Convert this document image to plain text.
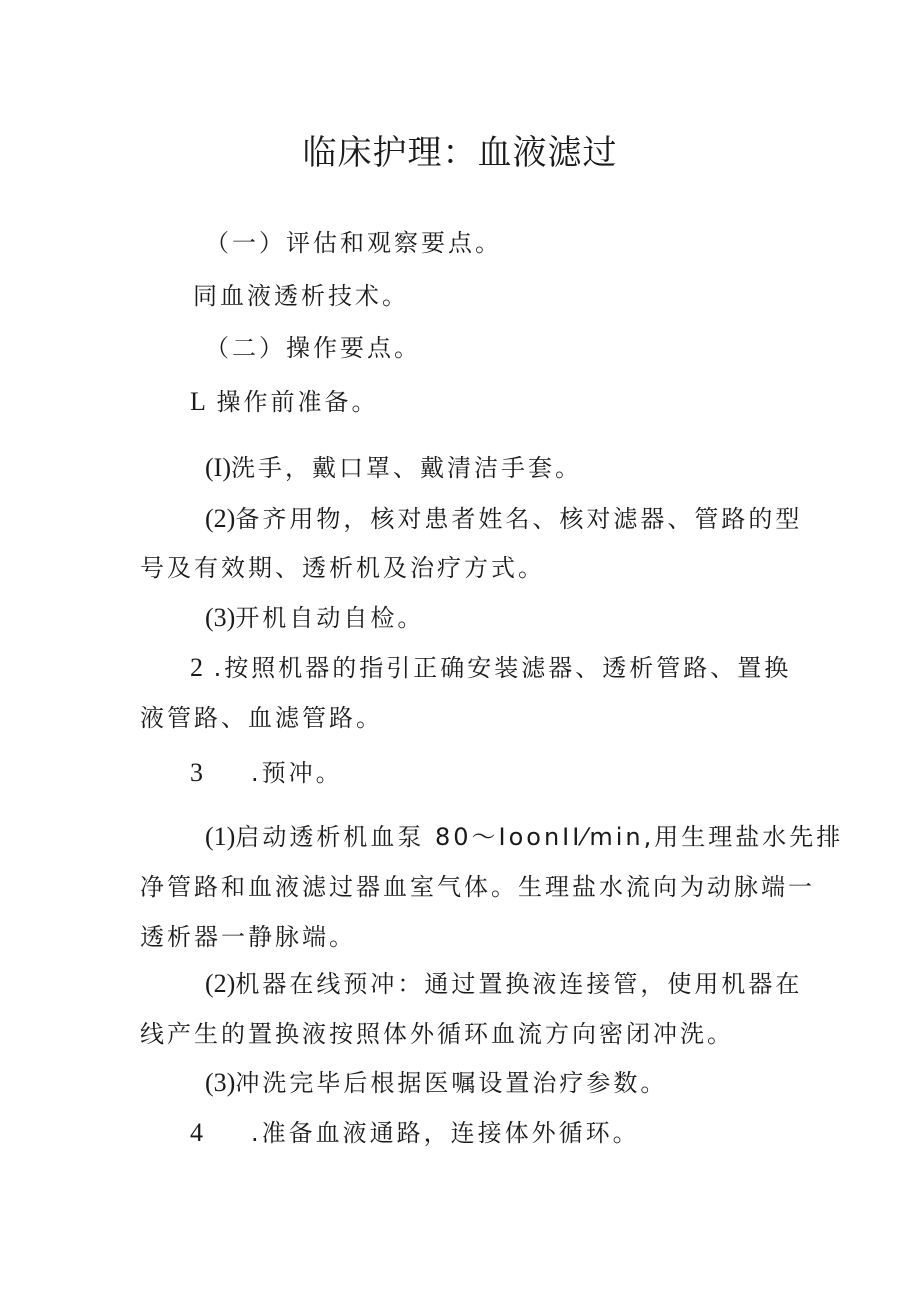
临床护理：血液滤过
（一）评估和观察要点。
同血液透析技术。
（二）操作要点。
L 操作前准备。
(I)洗手，戴口罩、戴清洁手套。
(2)备齐用物，核对患者姓名、核对滤器、管路的型
号及有效期、透析机及治疗方式。
(3)开机自动自检。
2 .按照机器的指引正确安装滤器、透析管路、置换
液管路、血滤管路。
3 .预冲。
(1)启动透析机血泵 80～IoonII⁄min,用生理盐水先排
净管路和血液滤过器血室气体。生理盐水流向为动脉端一
透析器一静脉端。
(2)机器在线预冲：通过置换液连接管，使用机器在
线产生的置换液按照体外循环血流方向密闭冲洗。
(3)冲洗完毕后根据医嘱设置治疗参数。
4 .准备血液通路，连接体外循环。
